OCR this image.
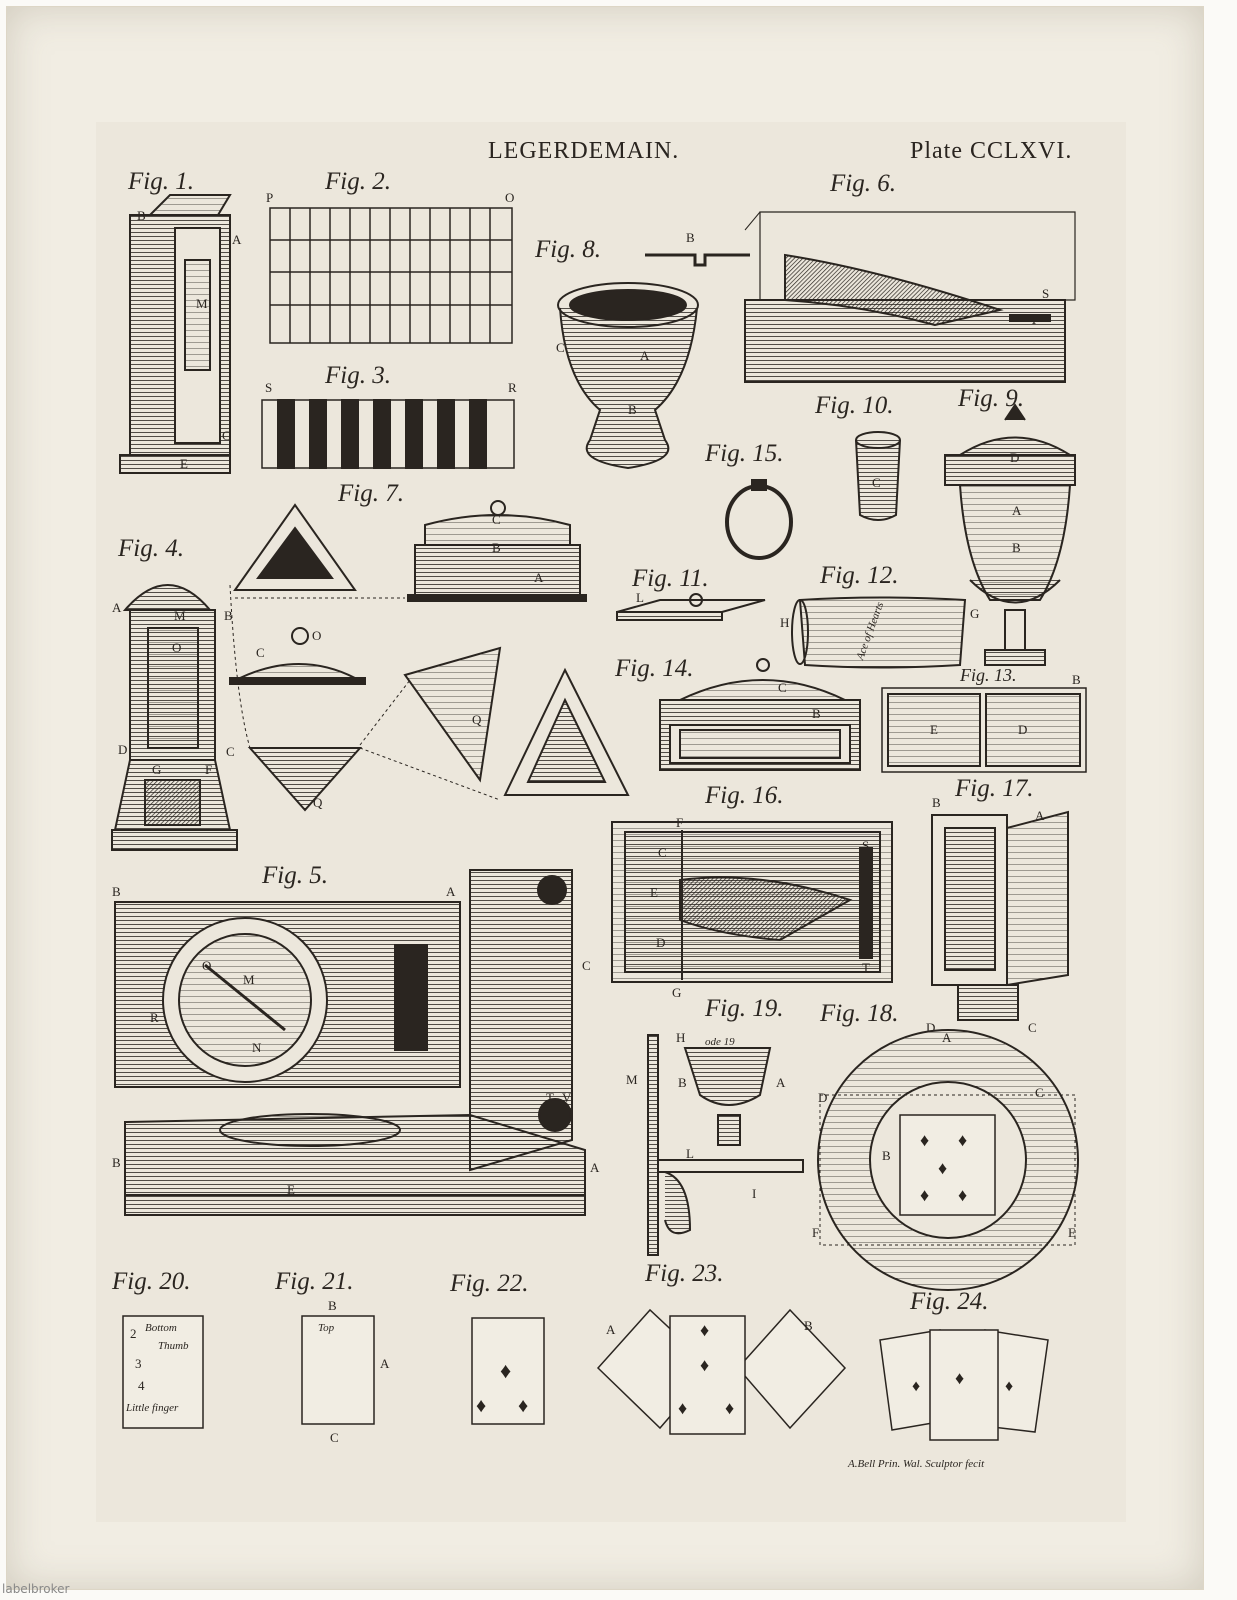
♦
♦ ♦
♦
♦
♦ ♦
♦
♦	♦
♦ ♦
♦
♦ ♦
LEGERDEMAIN.	Plate CCLXVI.
Fig. 1.	Fig. 2.
Fig. 3.
Fig. 4.
Fig. 5.
Fig. 6.
Fig. 7.
Fig. 8.
Fig. 9.
Fig. 10.
Fig. 11.	Fig. 12.
Fig. 13.
Fig. 14.
Fig. 15.
Fig. 16.	Fig. 17.
Fig. 18.
Fig. 19.
Fig. 20.	Fig. 21.	Fig. 22.	Fig. 23.
Fig. 24.
2 Bottom
Thumb
3
4
Little finger
Top
Ace of Hearts
ode 19
B
A
M
C
E
P	O
S	R
B
C
A
B
S
T
C
D
A
B
A
M	B
O
D	C
G	F
C
O
Q
Q
C
B
A
L
H
G
C
B
B
E	D
F
C
E
D
G
S
T
B
A
D	C
B	A
O
M
R
N
C
T V
B	A
E
H
M	B	A
L
I
A
D	C
B
F	E
B
A
C
A	B
A.Bell Prin. Wal. Sculptor fecit
labelbroker
